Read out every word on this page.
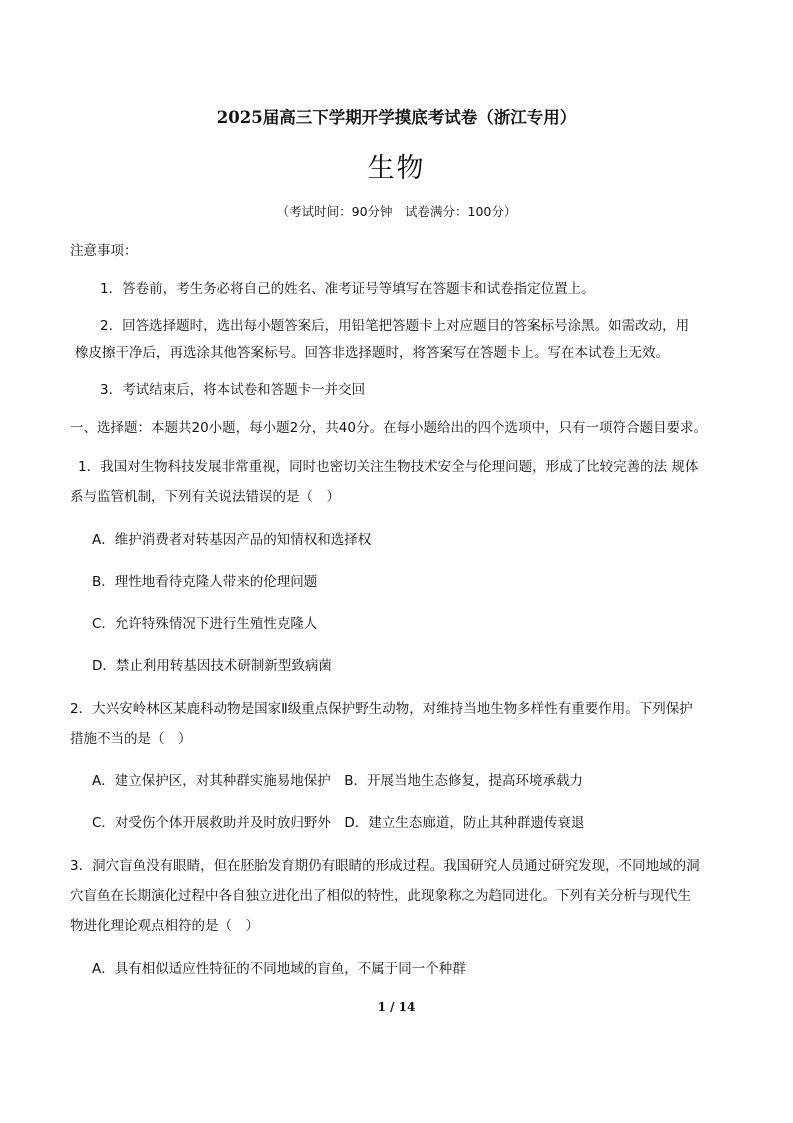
2025届高三下学期开学摸底考试卷（浙江专用）
生物
（考试时间：90分钟　试卷满分：100分）
注意事项：
1．答卷前，考生务必将自己的姓名、准考证号等填写在答题卡和试卷指定位置上。
2．回答选择题时，选出每小题答案后，用铅笔把答题卡上对应题目的答案标号涂黑。如需改动，用
橡皮擦干净后，再选涂其他答案标号。回答非选择题时，将答案写在答题卡上。写在本试卷上无效。
3．考试结束后，将本试卷和答题卡一并交回
一、选择题：本题共20小题，每小题2分，共40分。在每小题给出的四个选项中，只有一项符合题目要求。
1．我国对生物科技发展非常重视，同时也密切关注生物技术安全与伦理问题，形成了比较完善的法 规体
系与监管机制，下列有关说法错误的是（　）
A．维护消费者对转基因产品的知情权和选择权
B．理性地看待克隆人带来的伦理问题
C．允许特殊情况下进行生殖性克隆人
D．禁止利用转基因技术研制新型致病菌
2．大兴安岭林区某鹿科动物是国家Ⅱ级重点保护野生动物，对维持当地生物多样性有重要作用。下列保护
措施不当的是（　）
A．建立保护区，对其种群实施易地保护　B．开展当地生态修复，提高环境承载力
C．对受伤个体开展救助并及时放归野外　D．建立生态廊道，防止其种群遗传衰退
3．洞穴盲鱼没有眼睛，但在胚胎发育期仍有眼睛的形成过程。我国研究人员通过研究发现，不同地域的洞
穴盲鱼在长期演化过程中各自独立进化出了相似的特性，此现象称之为趋同进化。下列有关分析与现代生
物进化理论观点相符的是（　）
A．具有相似适应性特征的不同地域的盲鱼，不属于同一个种群
1 / 14
